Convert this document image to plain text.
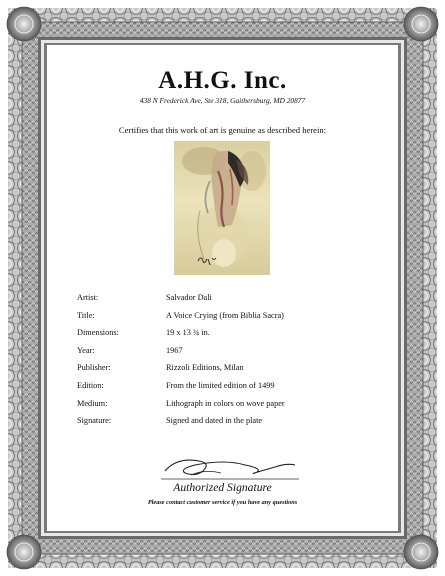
A.H.G. Inc.
438 N Frederick Ave, Ste 318, Gaithersburg, MD 20877
Certifies that this work of art is genuine as described herein:
Artist:	Salvador Dali
Title:	A Voice Crying (from Biblia Sacra)
Dimensions:	19 x 13 ¾ in.
Year:	1967
Publisher:	Rizzoli Editions, Milan
Edition:	From the limited edition of 1499
Medium:	Lithograph in colors on wove paper
Signature:	Signed and dated in the plate
Authorized Signature
Please contact customer service if you have any questions
